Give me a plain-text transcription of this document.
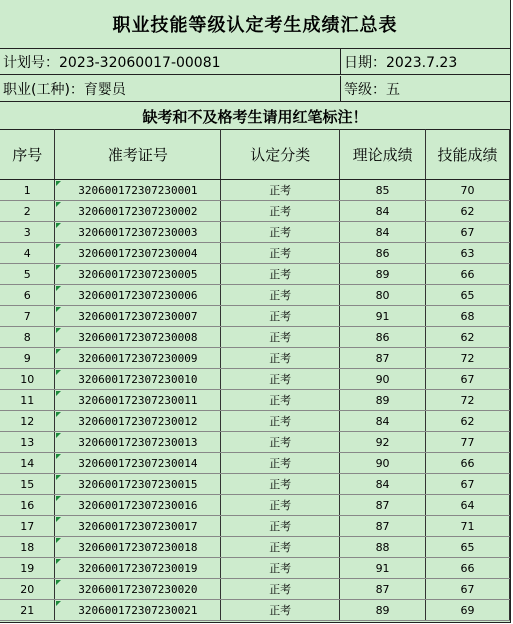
职业技能等级认定考生成绩汇总表
计划号：2023-32060017-00081	日期：2023.7.23
职业(工种)：育婴员	等级：五
缺考和不及格考生请用红笔标注！
序号	准考证号	认定分类	理论成绩	技能成绩
1	320600172307230001	正考	85	70
2	320600172307230002	正考	84	62
3	320600172307230003	正考	84	67
4	320600172307230004	正考	86	63
5	320600172307230005	正考	89	66
6	320600172307230006	正考	80	65
7	320600172307230007	正考	91	68
8	320600172307230008	正考	86	62
9	320600172307230009	正考	87	72
10	320600172307230010	正考	90	67
11	320600172307230011	正考	89	72
12	320600172307230012	正考	84	62
13	320600172307230013	正考	92	77
14	320600172307230014	正考	90	66
15	320600172307230015	正考	84	67
16	320600172307230016	正考	87	64
17	320600172307230017	正考	87	71
18	320600172307230018	正考	88	65
19	320600172307230019	正考	91	66
20	320600172307230020	正考	87	67
21	320600172307230021	正考	89	69
